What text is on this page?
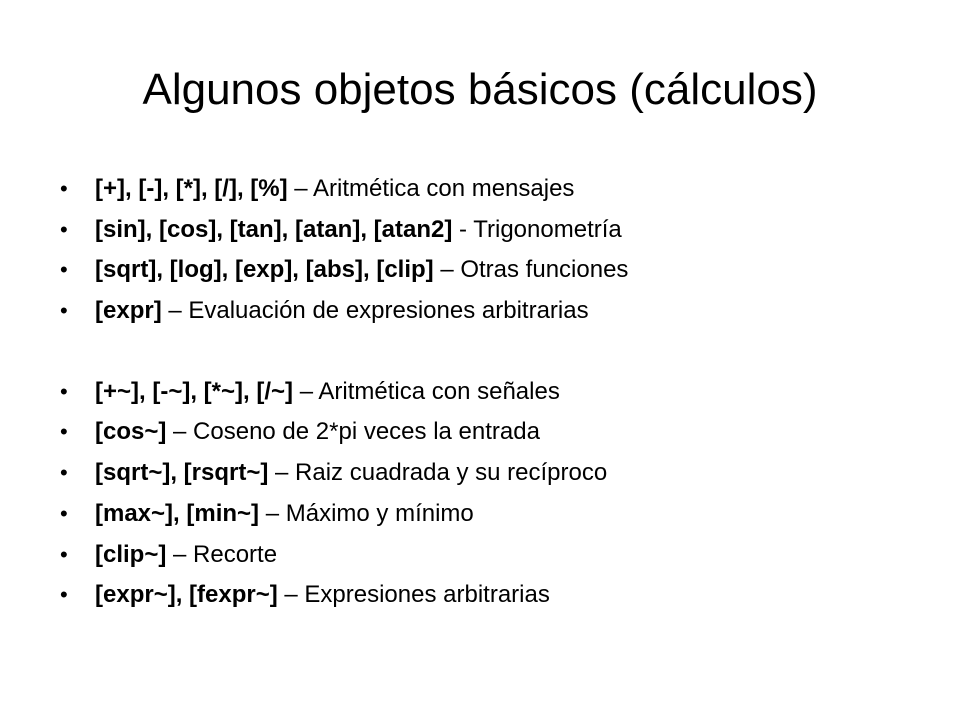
Algunos objetos básicos (cálculos)
•	[+], [-], [*], [/], [%] – Aritmética con mensajes
•	[sin], [cos], [tan], [atan], [atan2] - Trigonometría
•	[sqrt], [log], [exp], [abs], [clip] – Otras funciones
•	[expr] – Evaluación de expresiones arbitrarias
•	[+~], [-~], [*~], [/~] – Aritmética con señales
•	[cos~] – Coseno de 2*pi veces la entrada
•	[sqrt~], [rsqrt~] – Raiz cuadrada y su recíproco
•	[max~], [min~] – Máximo y mínimo
•	[clip~] – Recorte
•	[expr~], [fexpr~] – Expresiones arbitrarias
